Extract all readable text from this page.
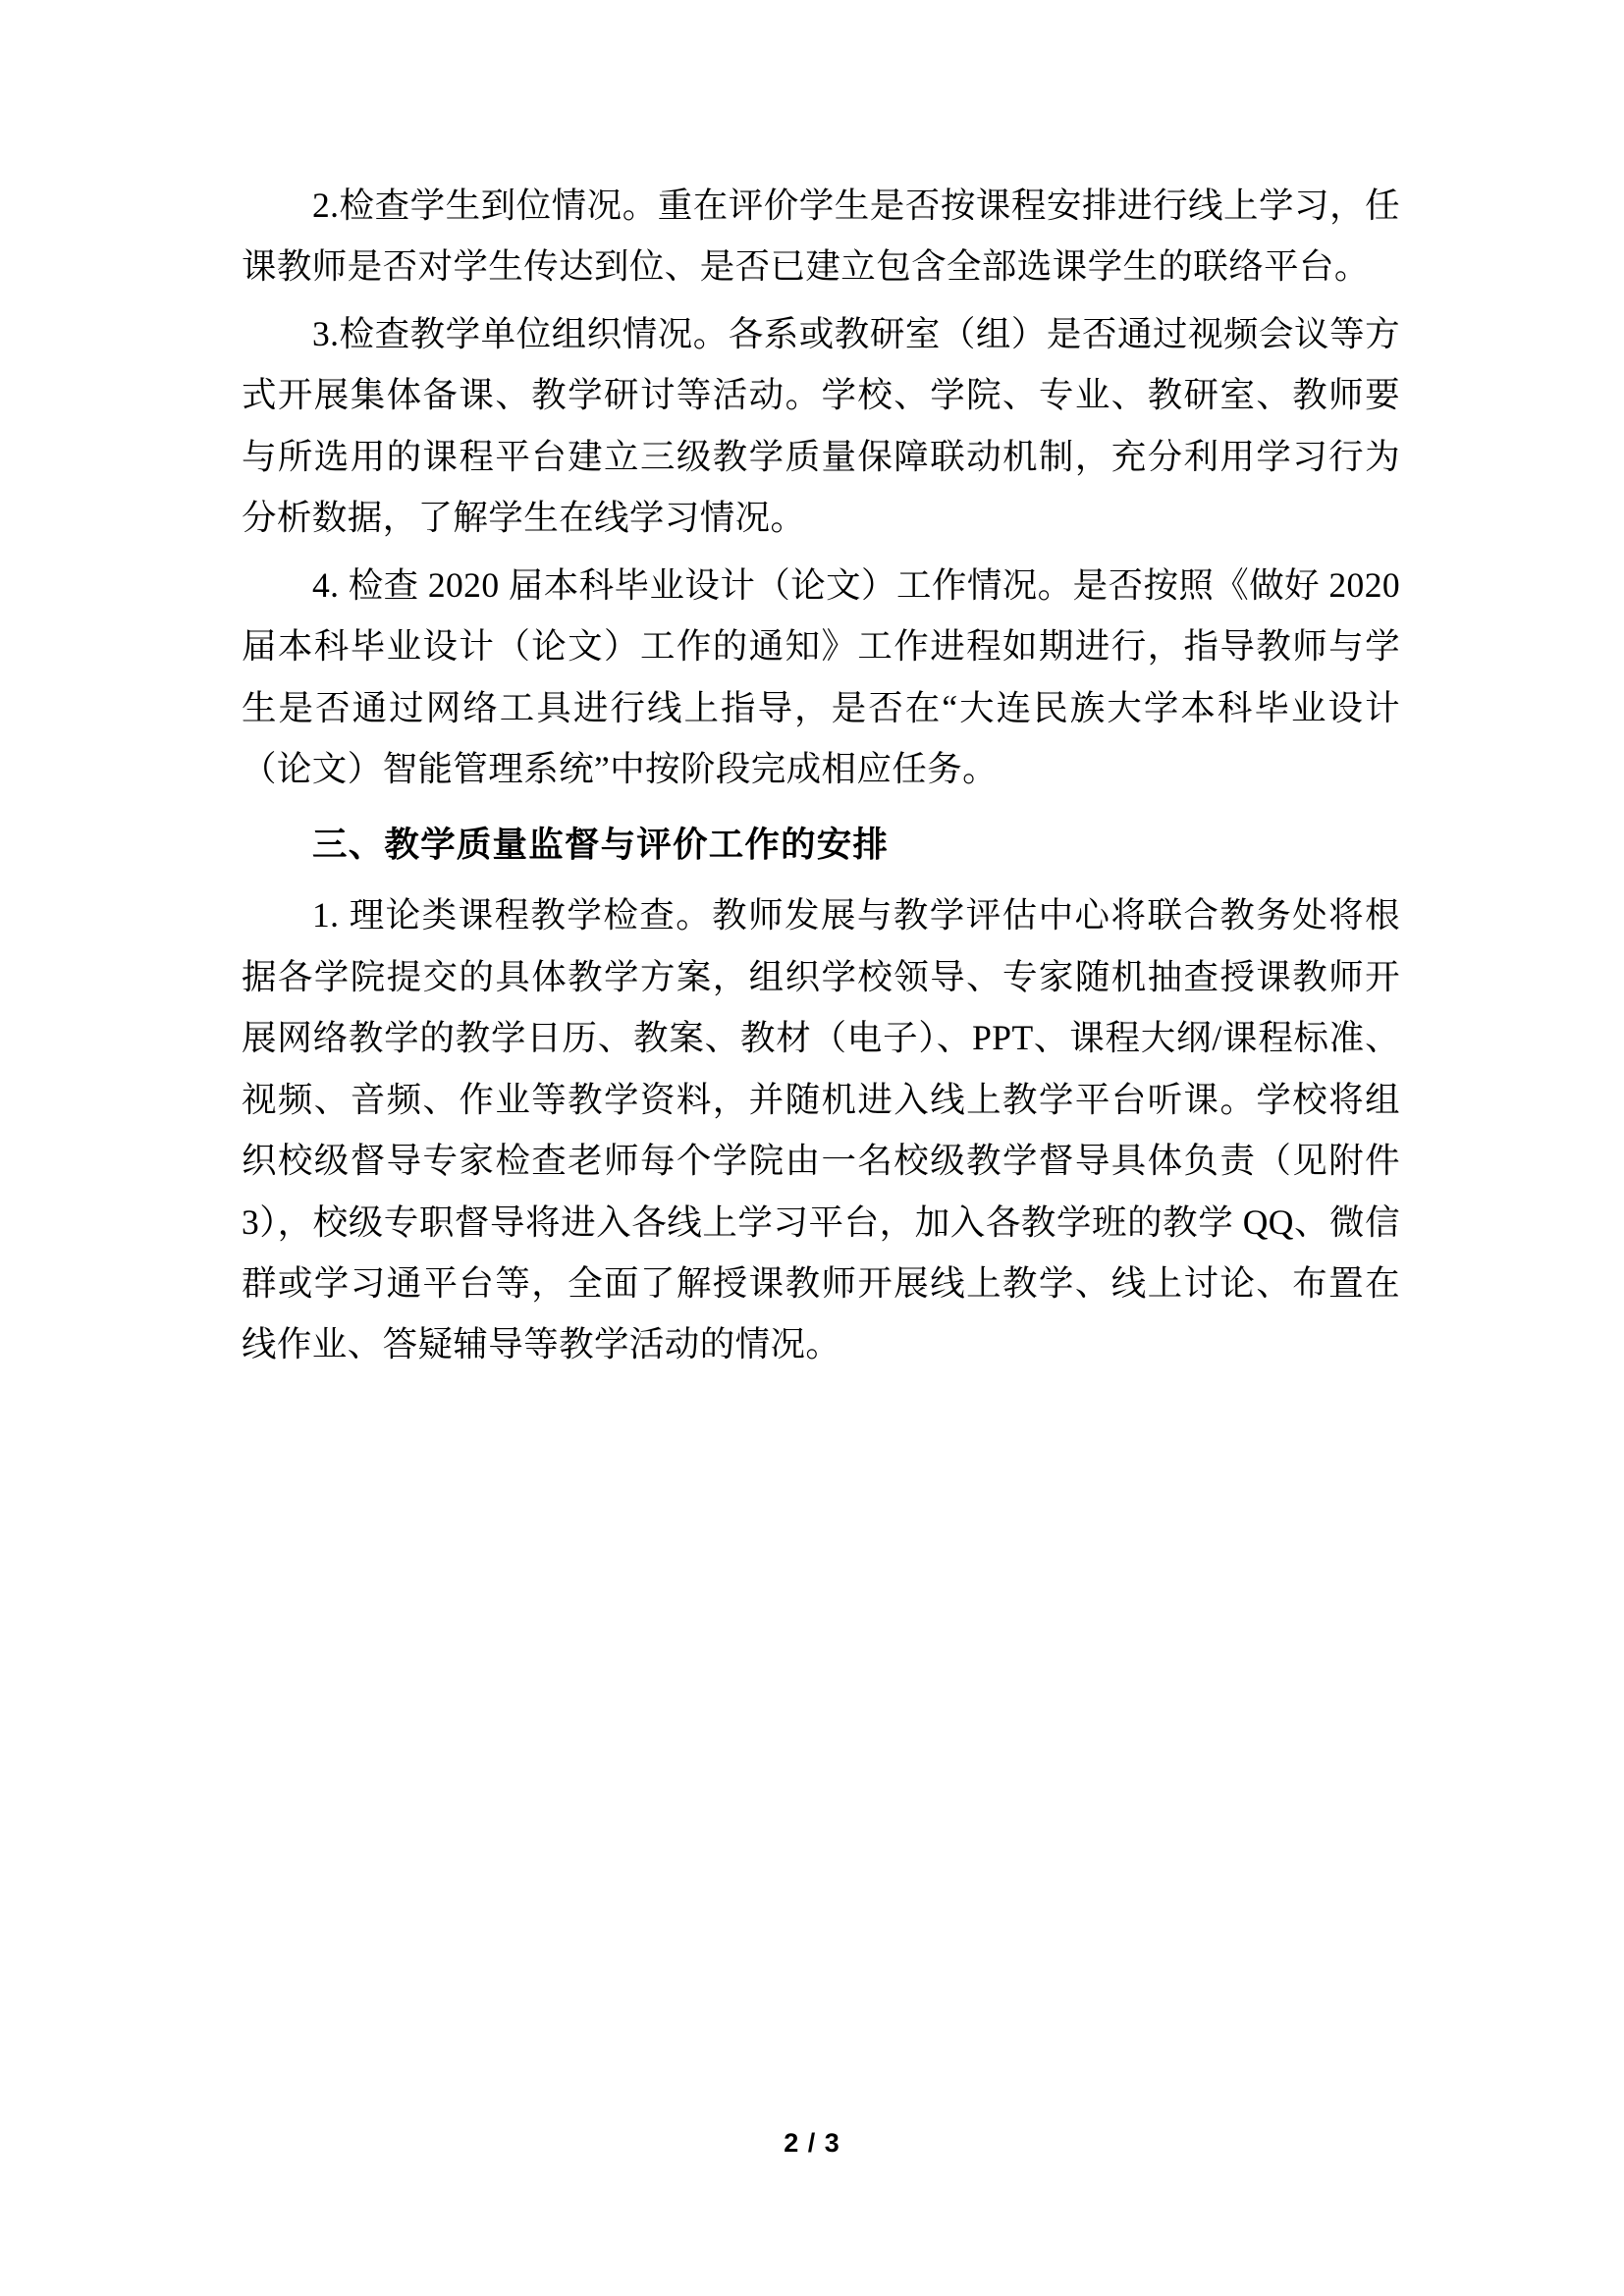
2.检查学生到位情况。重在评价学生是否按课程安排进行线上学习，任课教师是否对学生传达到位、是否已建立包含全部选课学生的联络平台。

3.检查教学单位组织情况。各系或教研室（组）是否通过视频会议等方式开展集体备课、教学研讨等活动。学校、学院、专业、教研室、教师要与所选用的课程平台建立三级教学质量保障联动机制，充分利用学习行为分析数据，了解学生在线学习情况。

4. 检查 2020 届本科毕业设计（论文）工作情况。是否按照《做好 2020 届本科毕业设计（论文）工作的通知》工作进程如期进行，指导教师与学生是否通过网络工具进行线上指导，是否在“大连民族大学本科毕业设计（论文）智能管理系统”中按阶段完成相应任务。

三、教学质量监督与评价工作的安排

1. 理论类课程教学检查。教师发展与教学评估中心将联合教务处将根据各学院提交的具体教学方案，组织学校领导、专家随机抽查授课教师开展网络教学的教学日历、教案、教材（电子）、PPT、课程大纲/课程标准、视频、音频、作业等教学资料，并随机进入线上教学平台听课。学校将组织校级督导专家检查老师每个学院由一名校级教学督导具体负责（见附件 3），校级专职督导将进入各线上学习平台，加入各教学班的教学 QQ、微信群或学习通平台等，全面了解授课教师开展线上教学、线上讨论、布置在线作业、答疑辅导等教学活动的情况。

2 / 3
